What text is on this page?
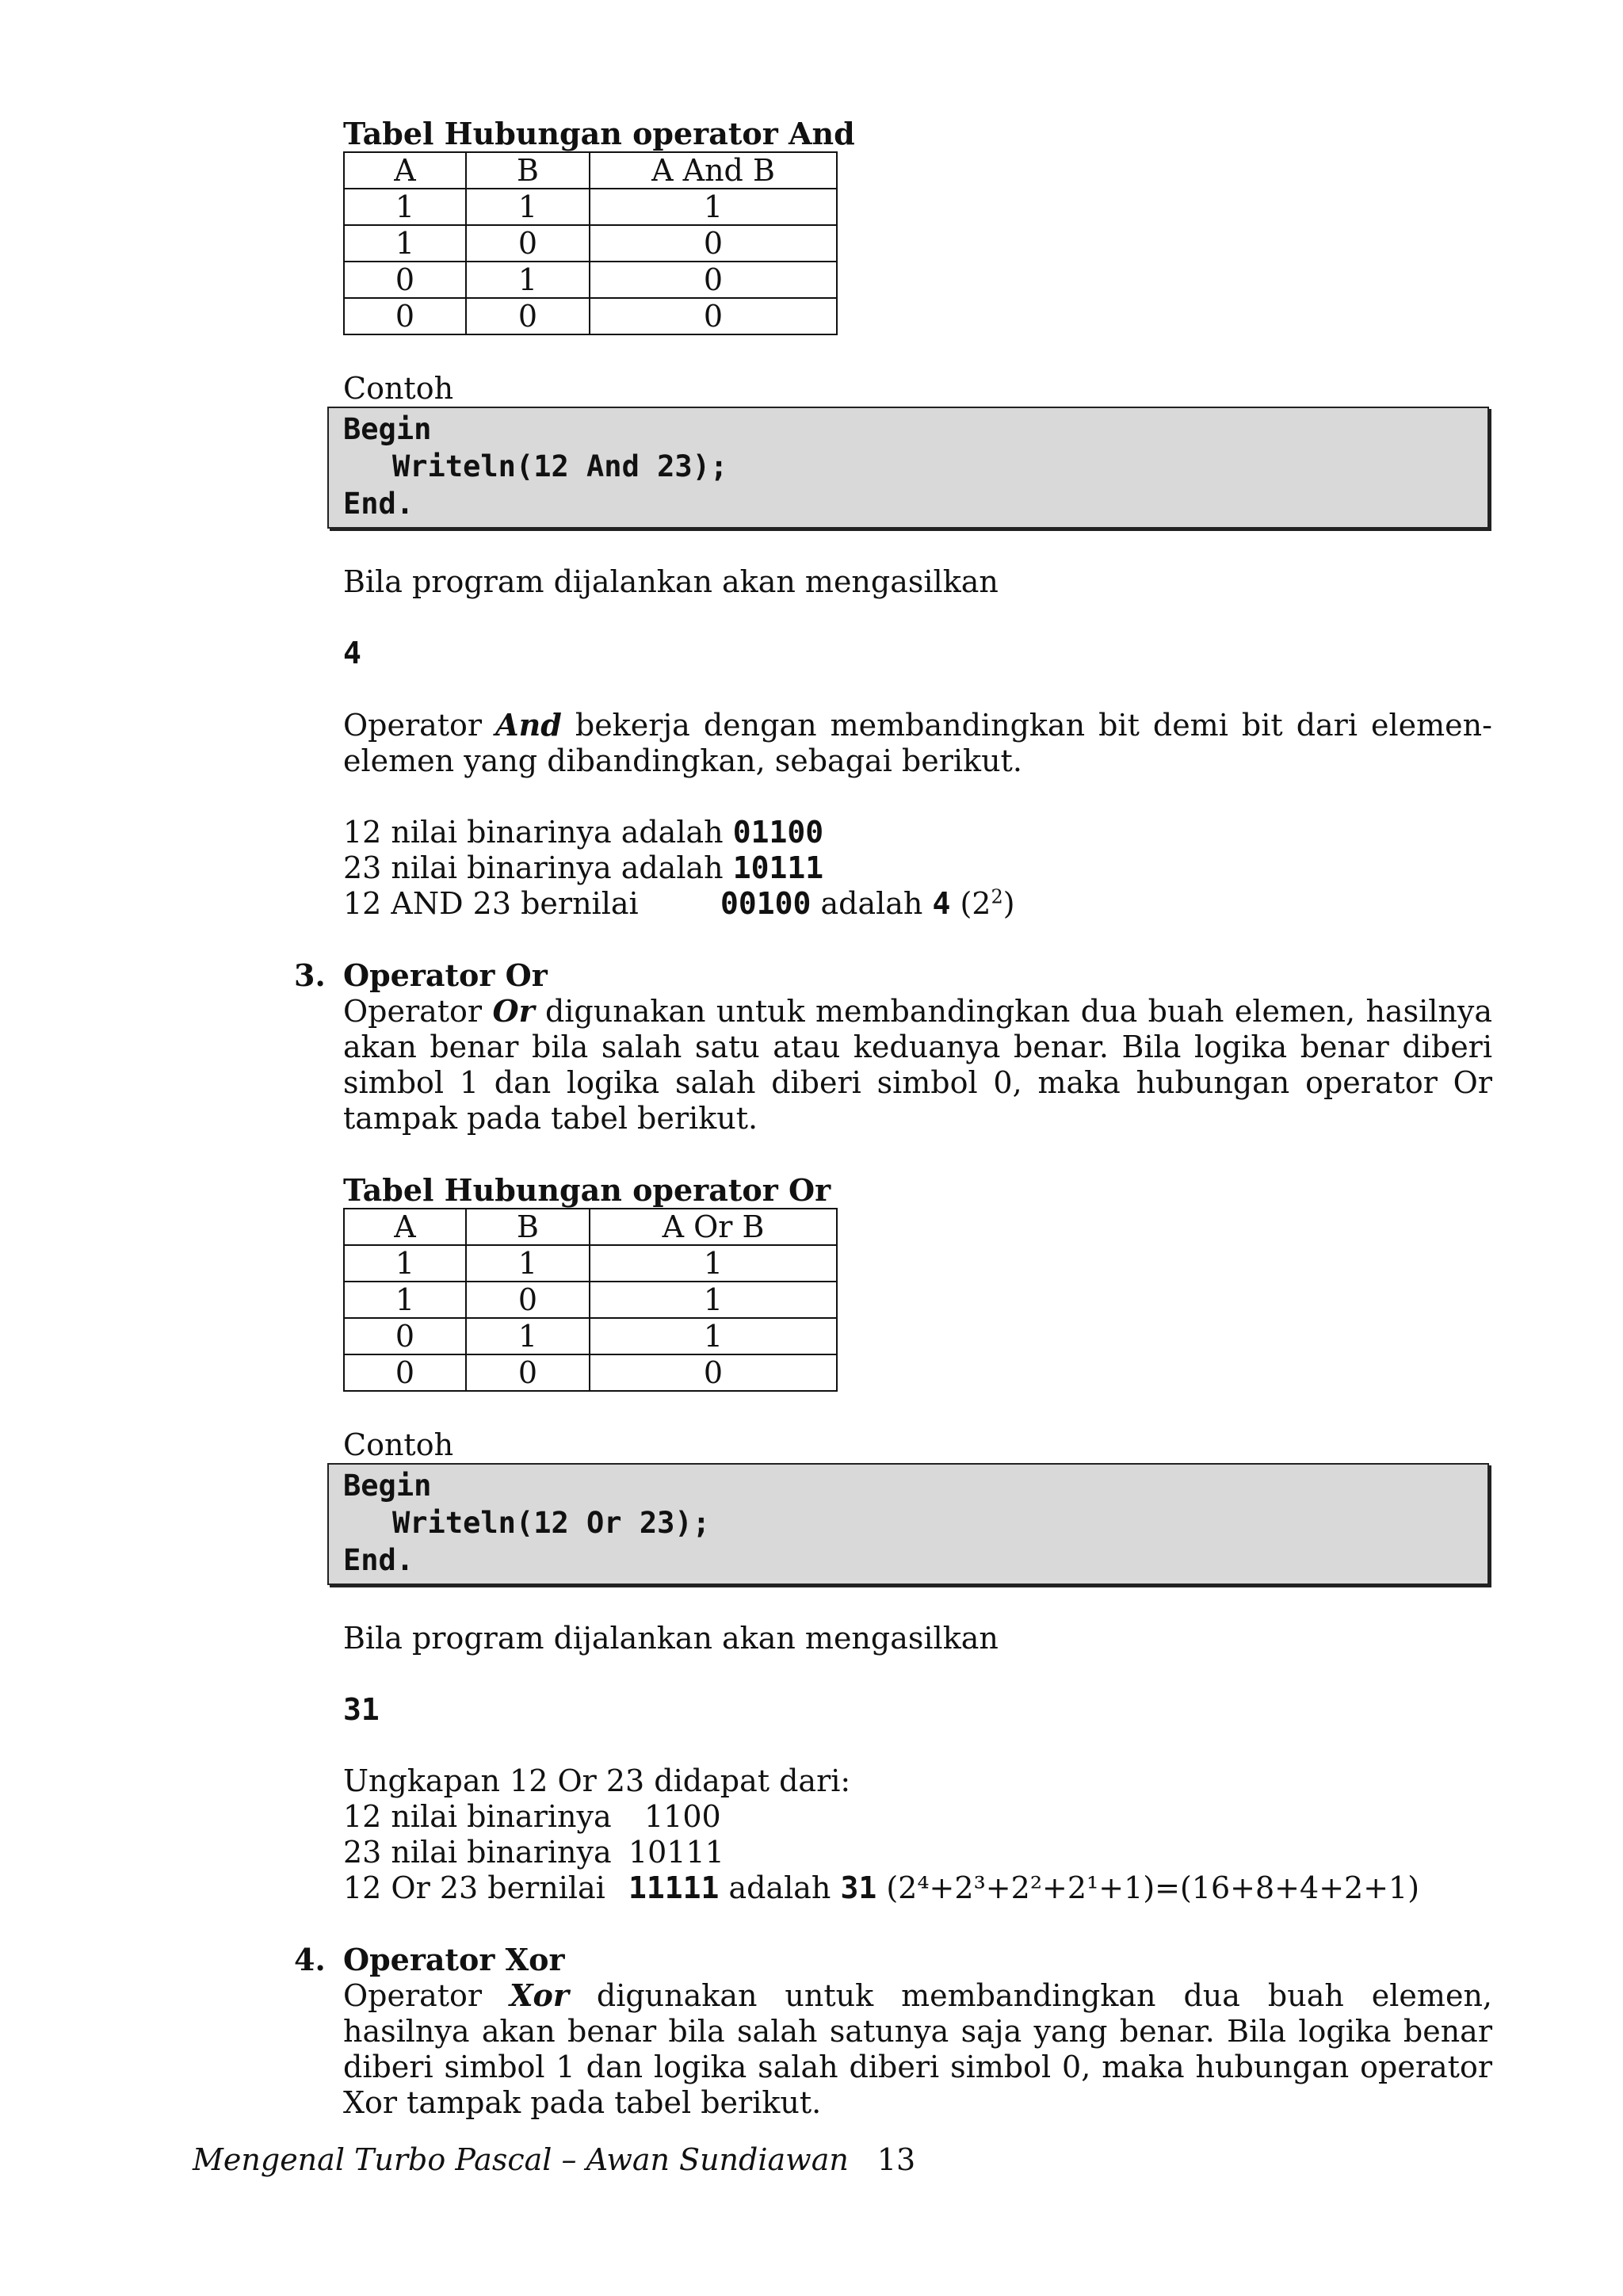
Tabel Hubungan operator And
A	B	A And B
1	1	1
1	0	0
0	1	0
0	0	0
Contoh
Begin
Writeln(12 And 23);
End.
Bila program dijalankan akan mengasilkan
4
Operator And bekerja dengan membandingkan bit demi bit dari elemen-elemen yang dibandingkan, sebagai berikut.
12 nilai binarinya adalah 01100
23 nilai binarinya adalah 10111
12 AND 23 bernilai	00100 adalah 4 $(2^2)$
3. Operator Or
Operator Or digunakan untuk membandingkan dua buah elemen, hasilnya akan benar bila salah satu atau keduanya benar. Bila logika benar diberi simbol 1 dan logika salah diberi simbol 0, maka hubungan operator Or tampak pada tabel berikut.
Tabel Hubungan operator Or
A	B	A Or B
1	1	1
1	0	1
0	1	1
0	0	0
Contoh
Begin
Writeln(12 Or 23);
End.
Bila program dijalankan akan mengasilkan
31
Ungkapan 12 Or 23 didapat dari:
12 nilai binarinya 1100
23 nilai binarinya 10111
12 Or 23 bernilai 11111 adalah 31 (2⁴+2³+2²+2¹+1)=(16+8+4+2+1)
4. Operator Xor
Operator Xor digunakan untuk membandingkan dua buah elemen, hasilnya akan benar bila salah satunya saja yang benar. Bila logika benar diberi simbol 1 dan logika salah diberi simbol 0, maka hubungan operator Xor tampak pada tabel berikut.
Mengenal Turbo Pascal – Awan Sundiawan 13
